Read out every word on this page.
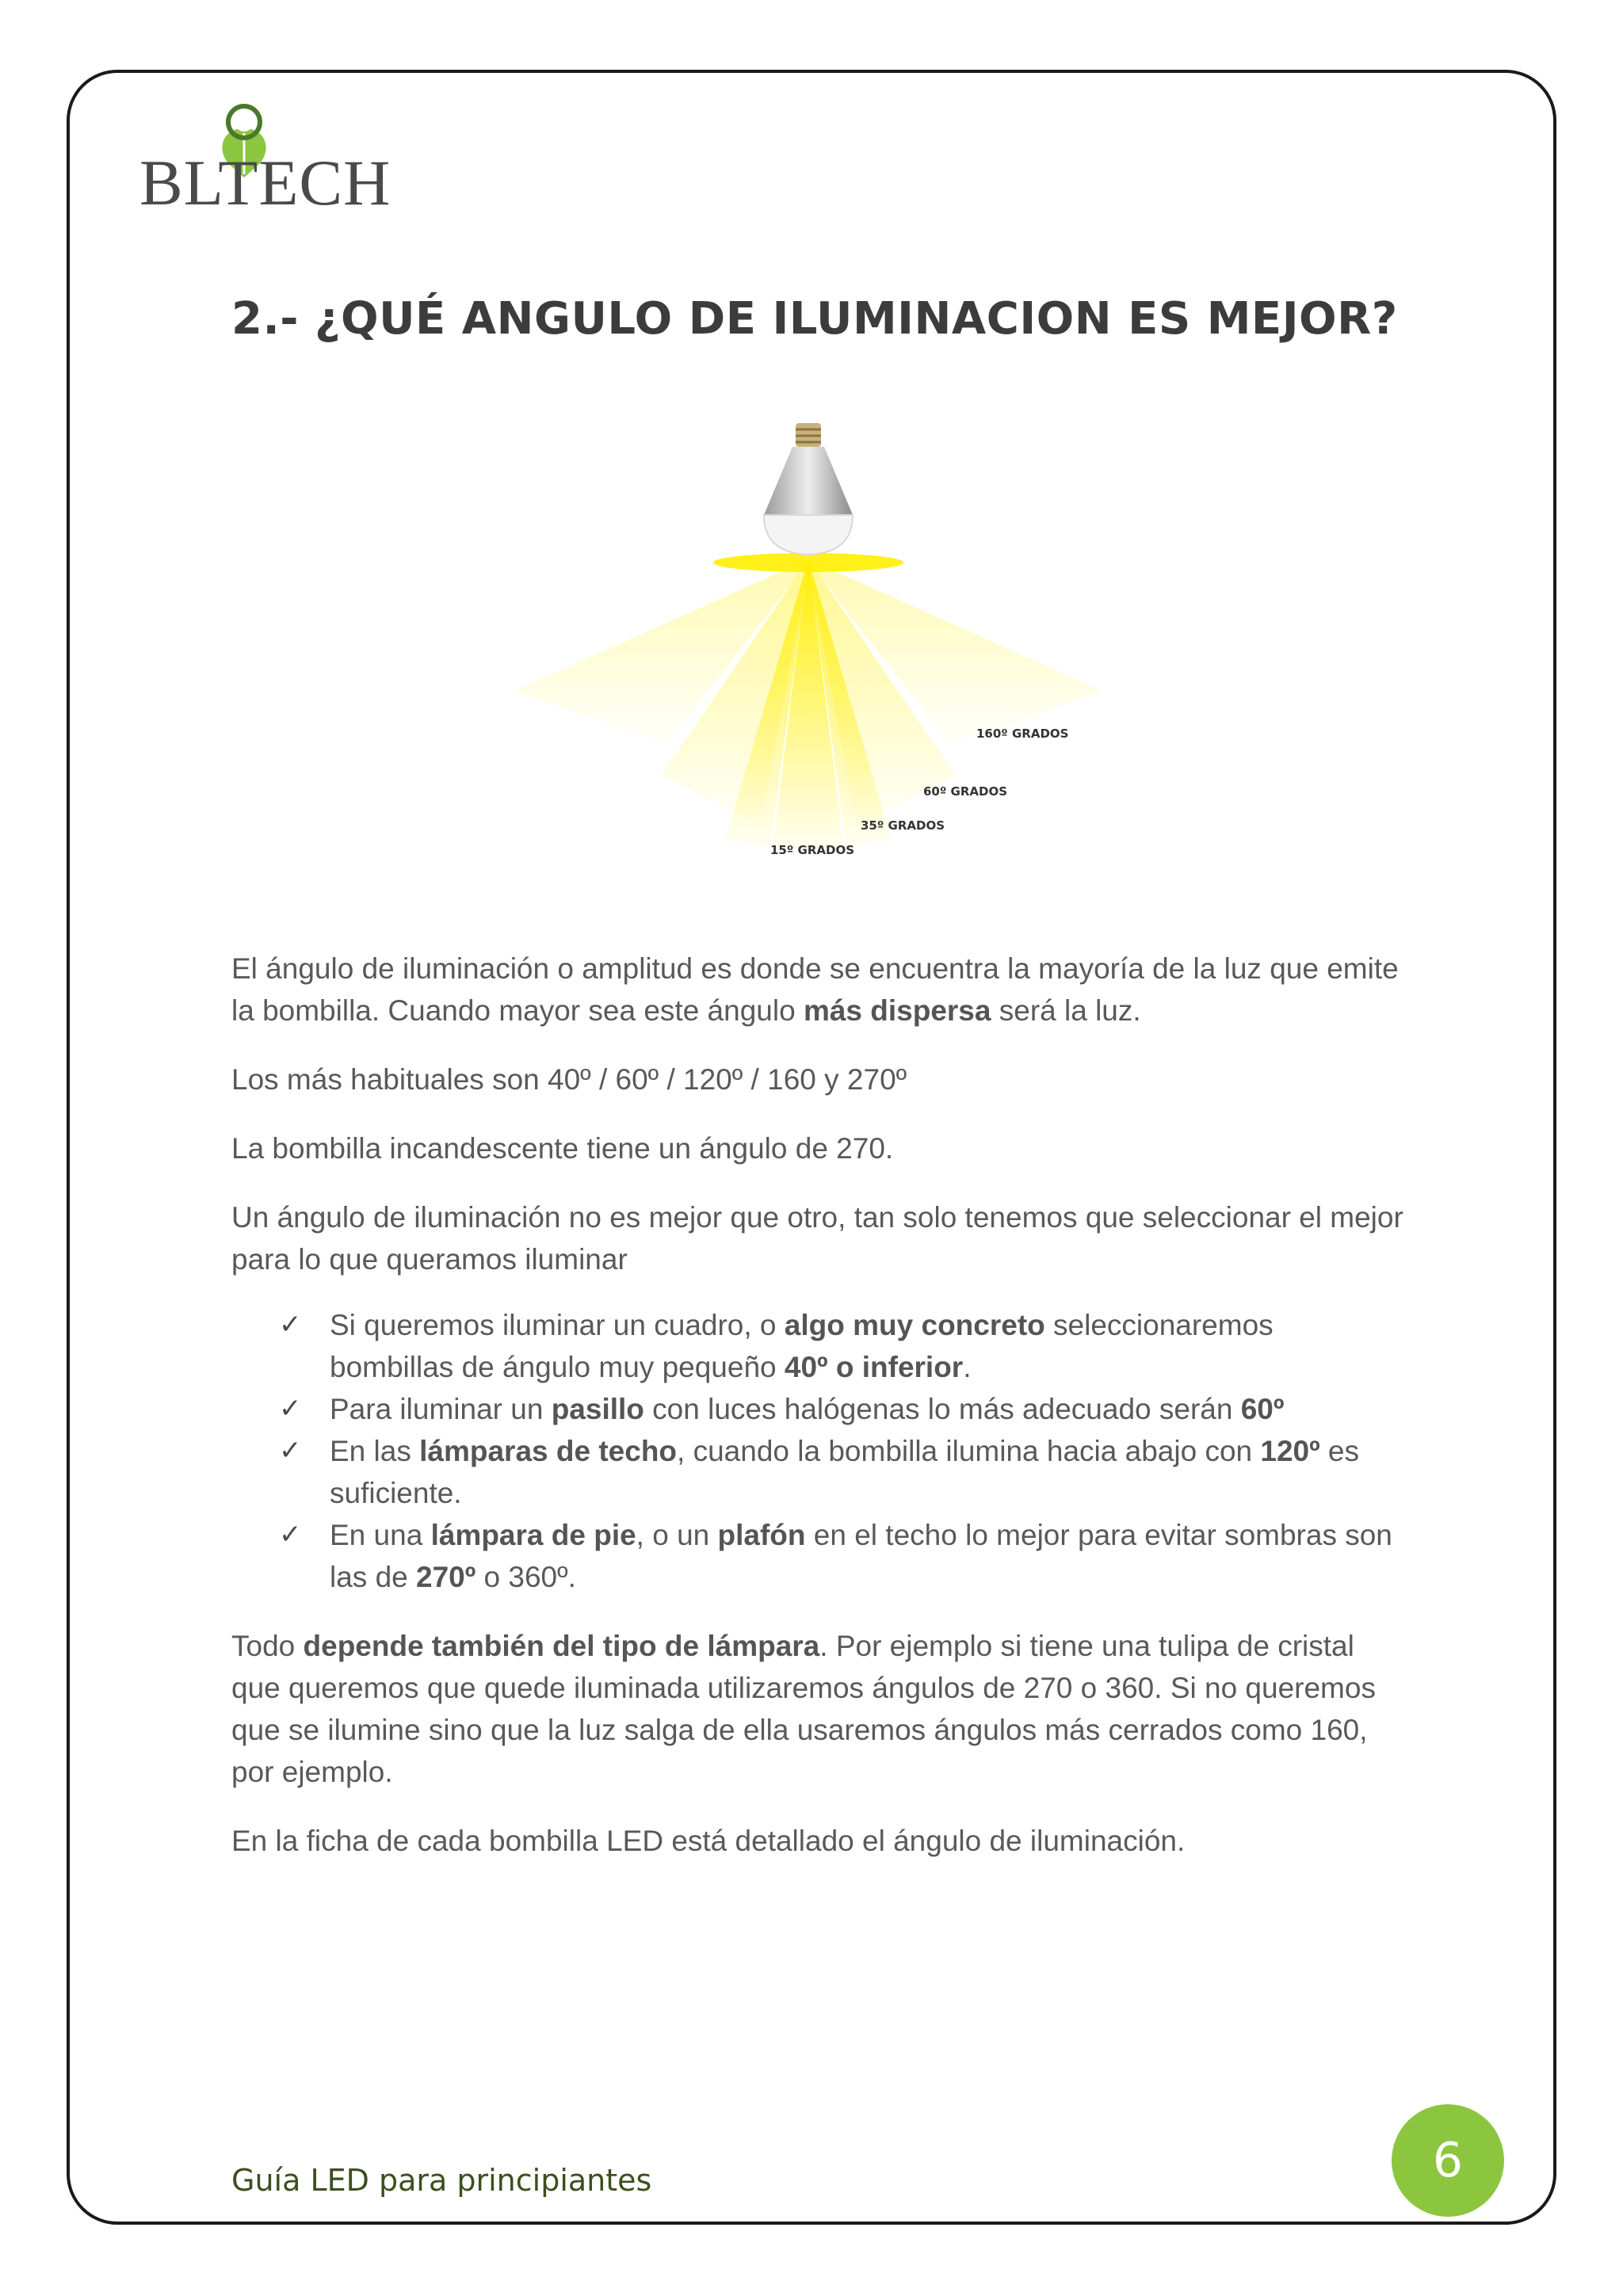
BLTECH
2.- ¿QUÉ ANGULO DE ILUMINACION ES MEJOR?
160º GRADOS
60º GRADOS
35º GRADOS
15º GRADOS

El ángulo de iluminación o amplitud es donde se encuentra la mayoría de la luz que emite la bombilla. Cuando mayor sea este ángulo más dispersa será la luz.

Los más habituales son 40º / 60º / 120º / 160 y 270º

La bombilla incandescente tiene un ángulo de 270.

Un ángulo de iluminación no es mejor que otro, tan solo tenemos que seleccionar el mejor para lo que queramos iluminar

✓ Si queremos iluminar un cuadro, o algo muy concreto seleccionaremos bombillas de ángulo muy pequeño 40º o inferior.
✓ Para iluminar un pasillo con luces halógenas lo más adecuado serán 60º
✓ En las lámparas de techo, cuando la bombilla ilumina hacia abajo con 120º es suficiente.
✓ En una lámpara de pie, o un plafón en el techo lo mejor para evitar sombras son las de 270º o 360º.

Todo depende también del tipo de lámpara. Por ejemplo si tiene una tulipa de cristal que queremos que quede iluminada utilizaremos ángulos de 270 o 360. Si no queremos que se ilumine sino que la luz salga de ella usaremos ángulos más cerrados como 160, por ejemplo.

En la ficha de cada bombilla LED está detallado el ángulo de iluminación.

Guía LED para principiantes	6
